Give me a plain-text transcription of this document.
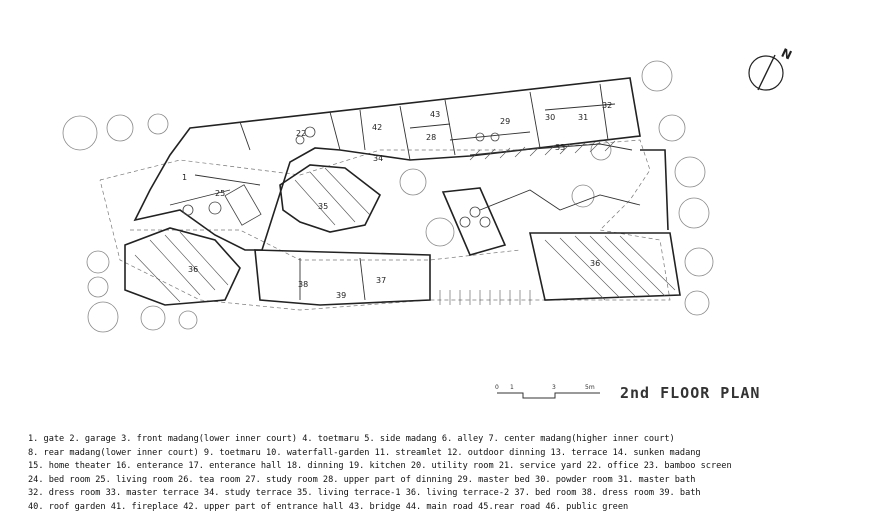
1
25
22
42
28
43
29	30	31
32
33
34
35
36
37
38
39
36
N
0 1	3	5m 2nd FLOOR PLAN
1. gate 2. garage 3. front madang(lower inner court) 4. toetmaru 5. side madang 6. alley 7. center madang(higher inner court)
8. rear madang(lower inner court) 9. toetmaru 10. waterfall-garden 11. streamlet 12. outdoor dinning 13. terrace 14. sunken madang
15. home theater 16. enterance 17. enterance hall 18. dinning 19. kitchen 20. utility room 21. service yard 22. office 23. bamboo screen
24. bed room 25. living room 26. tea room 27. study room 28. upper part of dinning 29. master bed 30. powder room 31. master bath
32. dress room 33. master terrace 34. study terrace 35. living terrace-1 36. living terrace-2 37. bed room 38. dress room 39. bath
40. roof garden 41. fireplace 42. upper part of entrance hall 43. bridge 44. main road 45.rear road 46. public green
